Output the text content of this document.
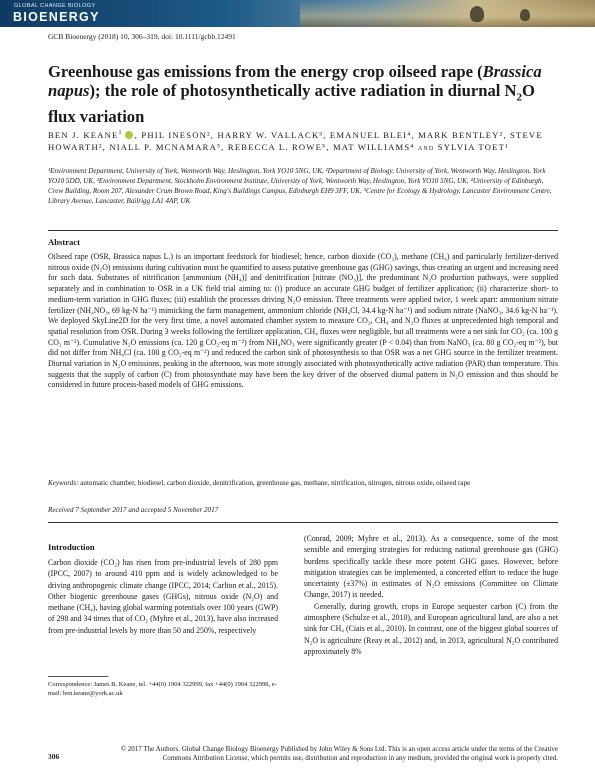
GLOBAL CHANGE BIOLOGY
BIOENERGY
GCB Bioenergy (2018) 10, 306–319, doi: 10.1111/gcbb.12491
Greenhouse gas emissions from the energy crop oilseed rape (Brassica napus); the role of photosynthetically active radiation in diurnal $N_2O$ flux variation
BEN J. KEANE$^1$ , PHIL INESON², HARRY W. VALLACK³, EMANUEL BLEI⁴, MARK BENTLEY², STEVE HOWARTH², NIALL P. MCNAMARA⁵, REBECCA L. ROWE⁵, MAT WILLIAMS⁴ and SYLVIA TOET¹
¹Environment Department, University of York, Wentworth Way, Heslington, York YO10 5NG, UK, ²Department of Biology, University of York, Wentworth Way, Heslington, York YO10 5DD, UK, ³Environment Department, Stockholm Environment Institute, University of York, Wentworth Way, Heslington, York YO10 5NG, UK, ⁴University of Edinburgh, Crew Building, Room 207, Alexander Crum Brown Road, King's Buildings Campus, Edinburgh EH9 3FF, UK, ⁵Centre for Ecology & Hydrology, Lancaster Environment Centre, Library Avenue, Lancaster, Bailrigg LA1 4AP, UK
Abstract
Oilseed rape (OSR, Brassica napus L.) is an important feedstock for biodiesel; hence, carbon dioxide (CO₂), methane (CH₄) and particularly fertilizer-derived nitrous oxide (N₂O) emissions during cultivation must be quantified to assess putative greenhouse gas (GHG) savings, thus creating an urgent and increasing need for such data. Substrates of nitrification [ammonium (NH₄)] and denitrification [nitrate (NO₃)], the predominant N₂O production pathways, were supplied separately and in combination to OSR in a UK field trial aiming to: (i) produce an accurate GHG budget of fertilizer application; (ii) characterize short- to medium-term variation in GHG fluxes; (iii) establish the processes driving N₂O emission. Three treatments were applied twice, 1 week apart: ammonium nitrate fertilizer (NH₄NO₃, 69 kg-N ha⁻¹) mimicking the farm management, ammonium chloride (NH₄Cl, 34.4 kg-N ha⁻¹) and sodium nitrate (NaNO₃, 34.6 kg-N ha⁻¹). We deployed SkyLine2D for the very first time, a novel automated chamber system to measure CO₂, CH₄ and N₂O fluxes at unprecedented high temporal and spatial resolution from OSR. During 3 weeks following the fertilizer application, CH₄ fluxes were negligible, but all treatments were a net sink for CO₂ (ca. 100 g CO₂ m⁻²). Cumulative N₂O emissions (ca. 120 g CO₂-eq m⁻²) from NH₄NO₃ were significantly greater (P < 0.04) than from NaNO₃ (ca. 80 g CO₂-eq m⁻²), but did not differ from NH₄Cl (ca. 100 g CO₂-eq m⁻²) and reduced the carbon sink of photosynthesis so that OSR was a net GHG source in the fertilizer treatment. Diurnal variation in N₂O emissions, peaking in the afternoon, was more strongly associated with photosynthetically active radiation (PAR) than temperature. This suggests that the supply of carbon (C) from photosynthate may have been the key driver of the observed diurnal pattern in N₂O emission and thus should be considered in future process-based models of GHG emissions.
Keywords: automatic chamber, biodiesel, carbon dioxide, denitrification, greenhouse gas, methane, nitrification, nitrogen, nitrous oxide, oilseed rape
Received 7 September 2017 and accepted 5 November 2017
Introduction

Carbon dioxide (CO₂) has risen from pre-industrial levels of 280 ppm (IPCC, 2007) to around 410 ppm and is widely acknowledged to be driving anthropogenic climate change (IPCC, 2014; Carlton et al., 2015). Other biogenic greenhouse gases (GHGs), nitrous oxide (N₂O) and methane (CH₄), having global warming potentials over 100 years (GWP) of 298 and 34 times that of CO₂ (Myhre et al., 2013), have also increased from pre-industrial levels by more than 50 and 250%, respectively

(Conrad, 2009; Myhre et al., 2013). As a consequence, some of the most sensible and emerging strategies for reducing national greenhouse gas (GHG) burdens specifically tackle these more potent GHG gases. However, before mitigation strategies can be implemented, a concerted effort to reduce the huge uncertainty (±37%) in estimates of N₂O emissions (Committee on Climate Change, 2017) is needed.

Generally, during growth, crops in Europe sequester carbon (C) from the atmosphere (Schulze et al., 2010), and European agricultural land, are also a net sink for CH₄ (Ciais et al., 2010). In contrast, one of the biggest global sources of N₂O is agriculture (Reay et al., 2012) and, in 2013, agricultural N₂O contributed approximately 8%

Correspondence: James B. Keane, tel. +44(0) 1904 322999, fax +44(0) 1904 322998, e-mail: ben.keane@york.ac.uk
306
© 2017 The Authors. Global Change Biology Bioenergy Published by John Wiley & Sons Ltd. This is an open access article under the terms of the Creative Commons Attribution License, which permits use, distribution and reproduction in any medium, provided the original work is properly cited.
